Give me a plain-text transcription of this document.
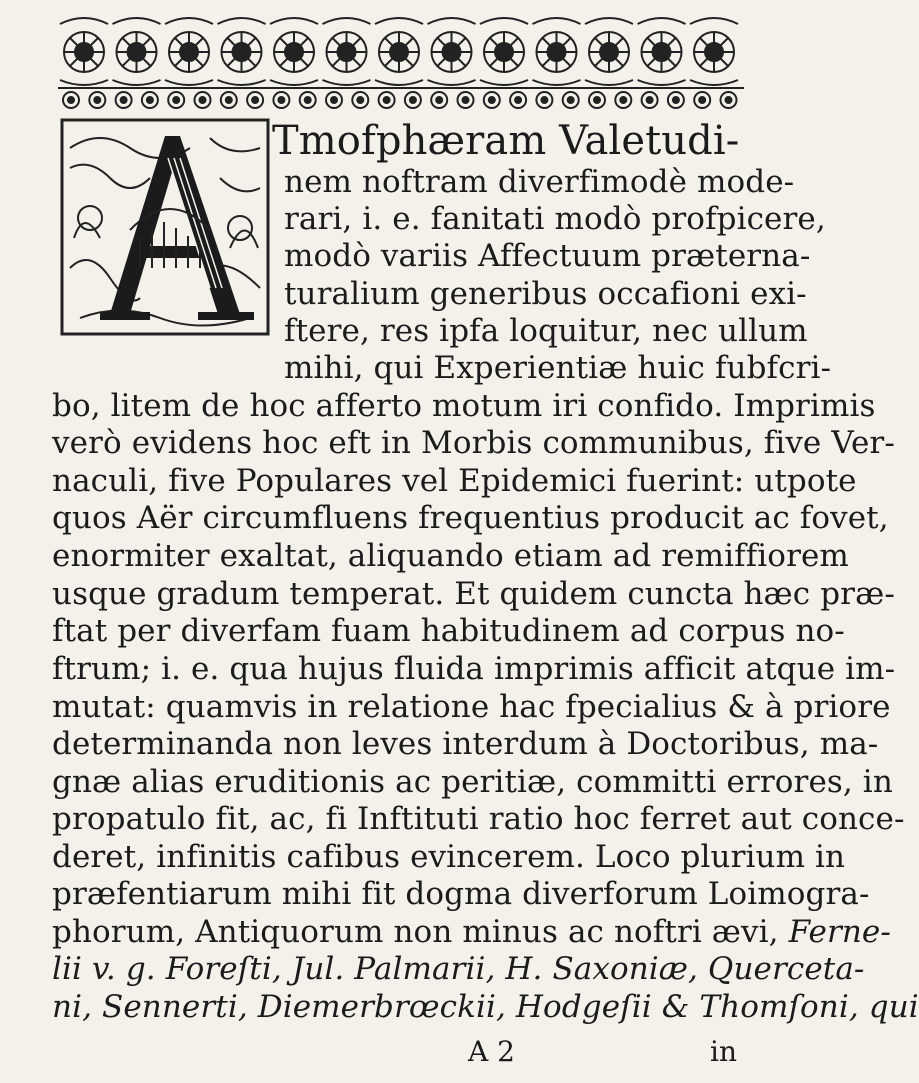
Tmofphæram Valetudi-
nem noftram diverfimodè mode-
rari, i. e. fanitati modò profpicere,
modò variis Affectuum præterna-
turalium generibus occafioni exi-
ftere, res ipfa loquitur, nec ullum
mihi, qui Experientiæ huic fubfcri-
bo, litem de hoc afferto motum iri confido. Imprimis
verò evidens hoc eft in Morbis communibus, five Ver-
naculi, five Populares vel Epidemici fuerint: utpote
quos Aër circumfluens frequentius producit ac fovet,
enormiter exaltat, aliquando etiam ad remiffiorem
usque gradum temperat. Et quidem cuncta hæc præ-
ftat per diverfam fuam habitudinem ad corpus no-
ftrum; i. e. qua hujus fluida imprimis afficit atque im-
mutat: quamvis in relatione hac fpecialius & à priore
determinanda non leves interdum à Doctoribus, ma-
gnæ alias eruditionis ac peritiæ, committi errores, in
propatulo fit, ac, fi Inftituti ratio hoc ferret aut conce-
deret, infinitis cafibus evincerem. Loco plurium in
præfentiarum mihi fit dogma diverforum Loimogra-
phorum, Antiquorum non minus ac noftri ævi, Ferne-
lii v. g. Foreſti, Jul. Palmarii, H. Saxoniæ, Querceta-
ni, Sennerti, Diemerbrœckii, Hodgeſii & Thomſoni, qui
A 2	in
